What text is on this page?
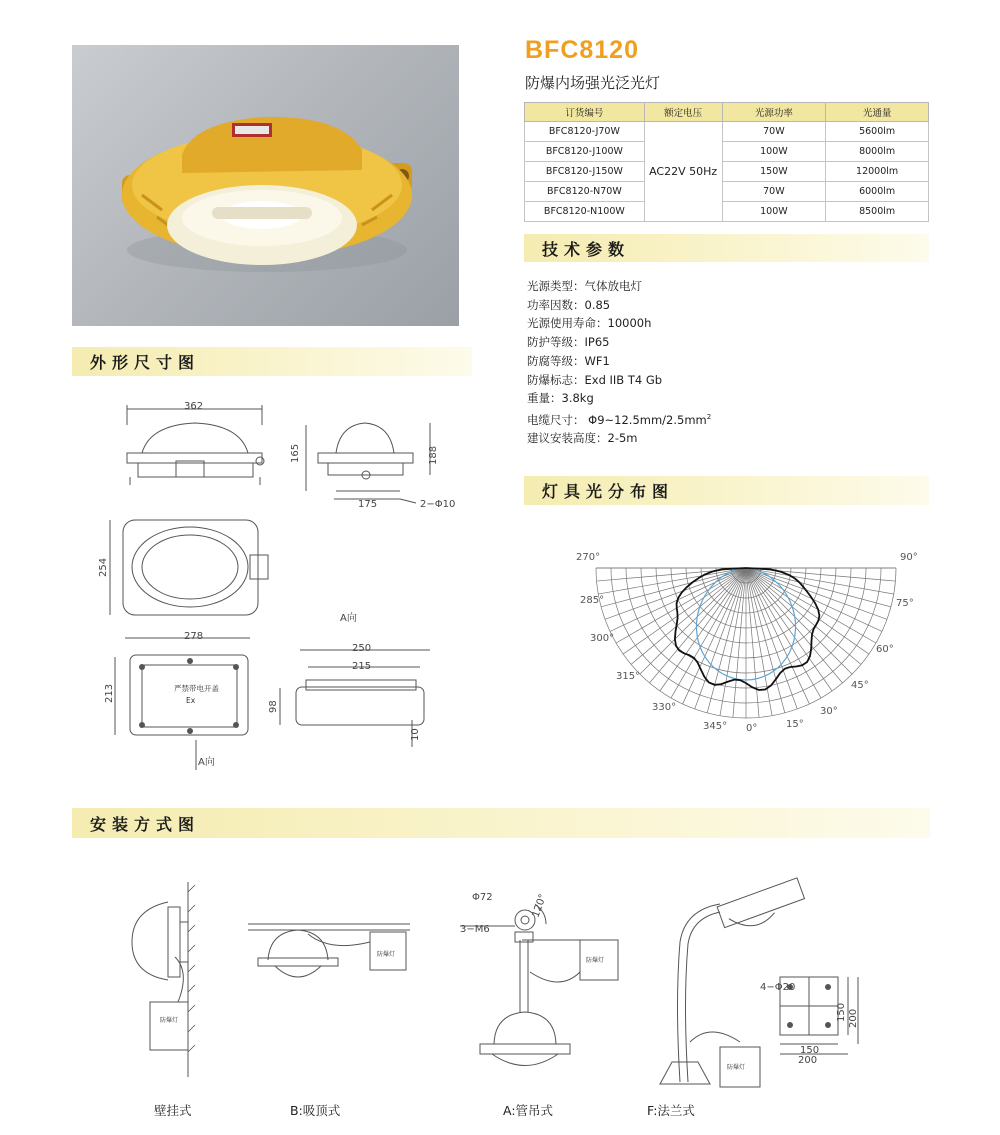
BFC8120
防爆内场强光泛光灯
订货编号	额定电压	光源功率	光通量
BFC8120-J70W	AC22V 50Hz	70W	5600lm
BFC8120-J100W		100W	8000lm
BFC8120-J150W		150W	12000lm
BFC8120-N70W		70W	6000lm
BFC8120-N100W		100W	8500lm
技术参数
外形尺寸图
灯具光分布图
安装方式图
光源类型：气体放电灯
功率因数：0.85
光源使用寿命：10000h
防护等级：IP65
防腐等级：WF1
防爆标志：Exd IIB T4 Gb
重量：3.8kg
电缆尺寸： $\Phi 9\sim 12.5mm/2.5mm^2$
建议安装高度：2-5m
362
165	188
175	2−Φ10
254
A向
278
213
250
215
98
10
A向
严禁带电开盖
Ex
270°
285°
300°
315°
330°
345° 0°	15°
30°
45°
60°
75°
90°
Φ72
3−M6
120°
4−Φ20
150 200
150
200
防爆灯
防爆灯
防爆灯
防爆灯
壁挂式	B:吸顶式	A:管吊式	F:法兰式
